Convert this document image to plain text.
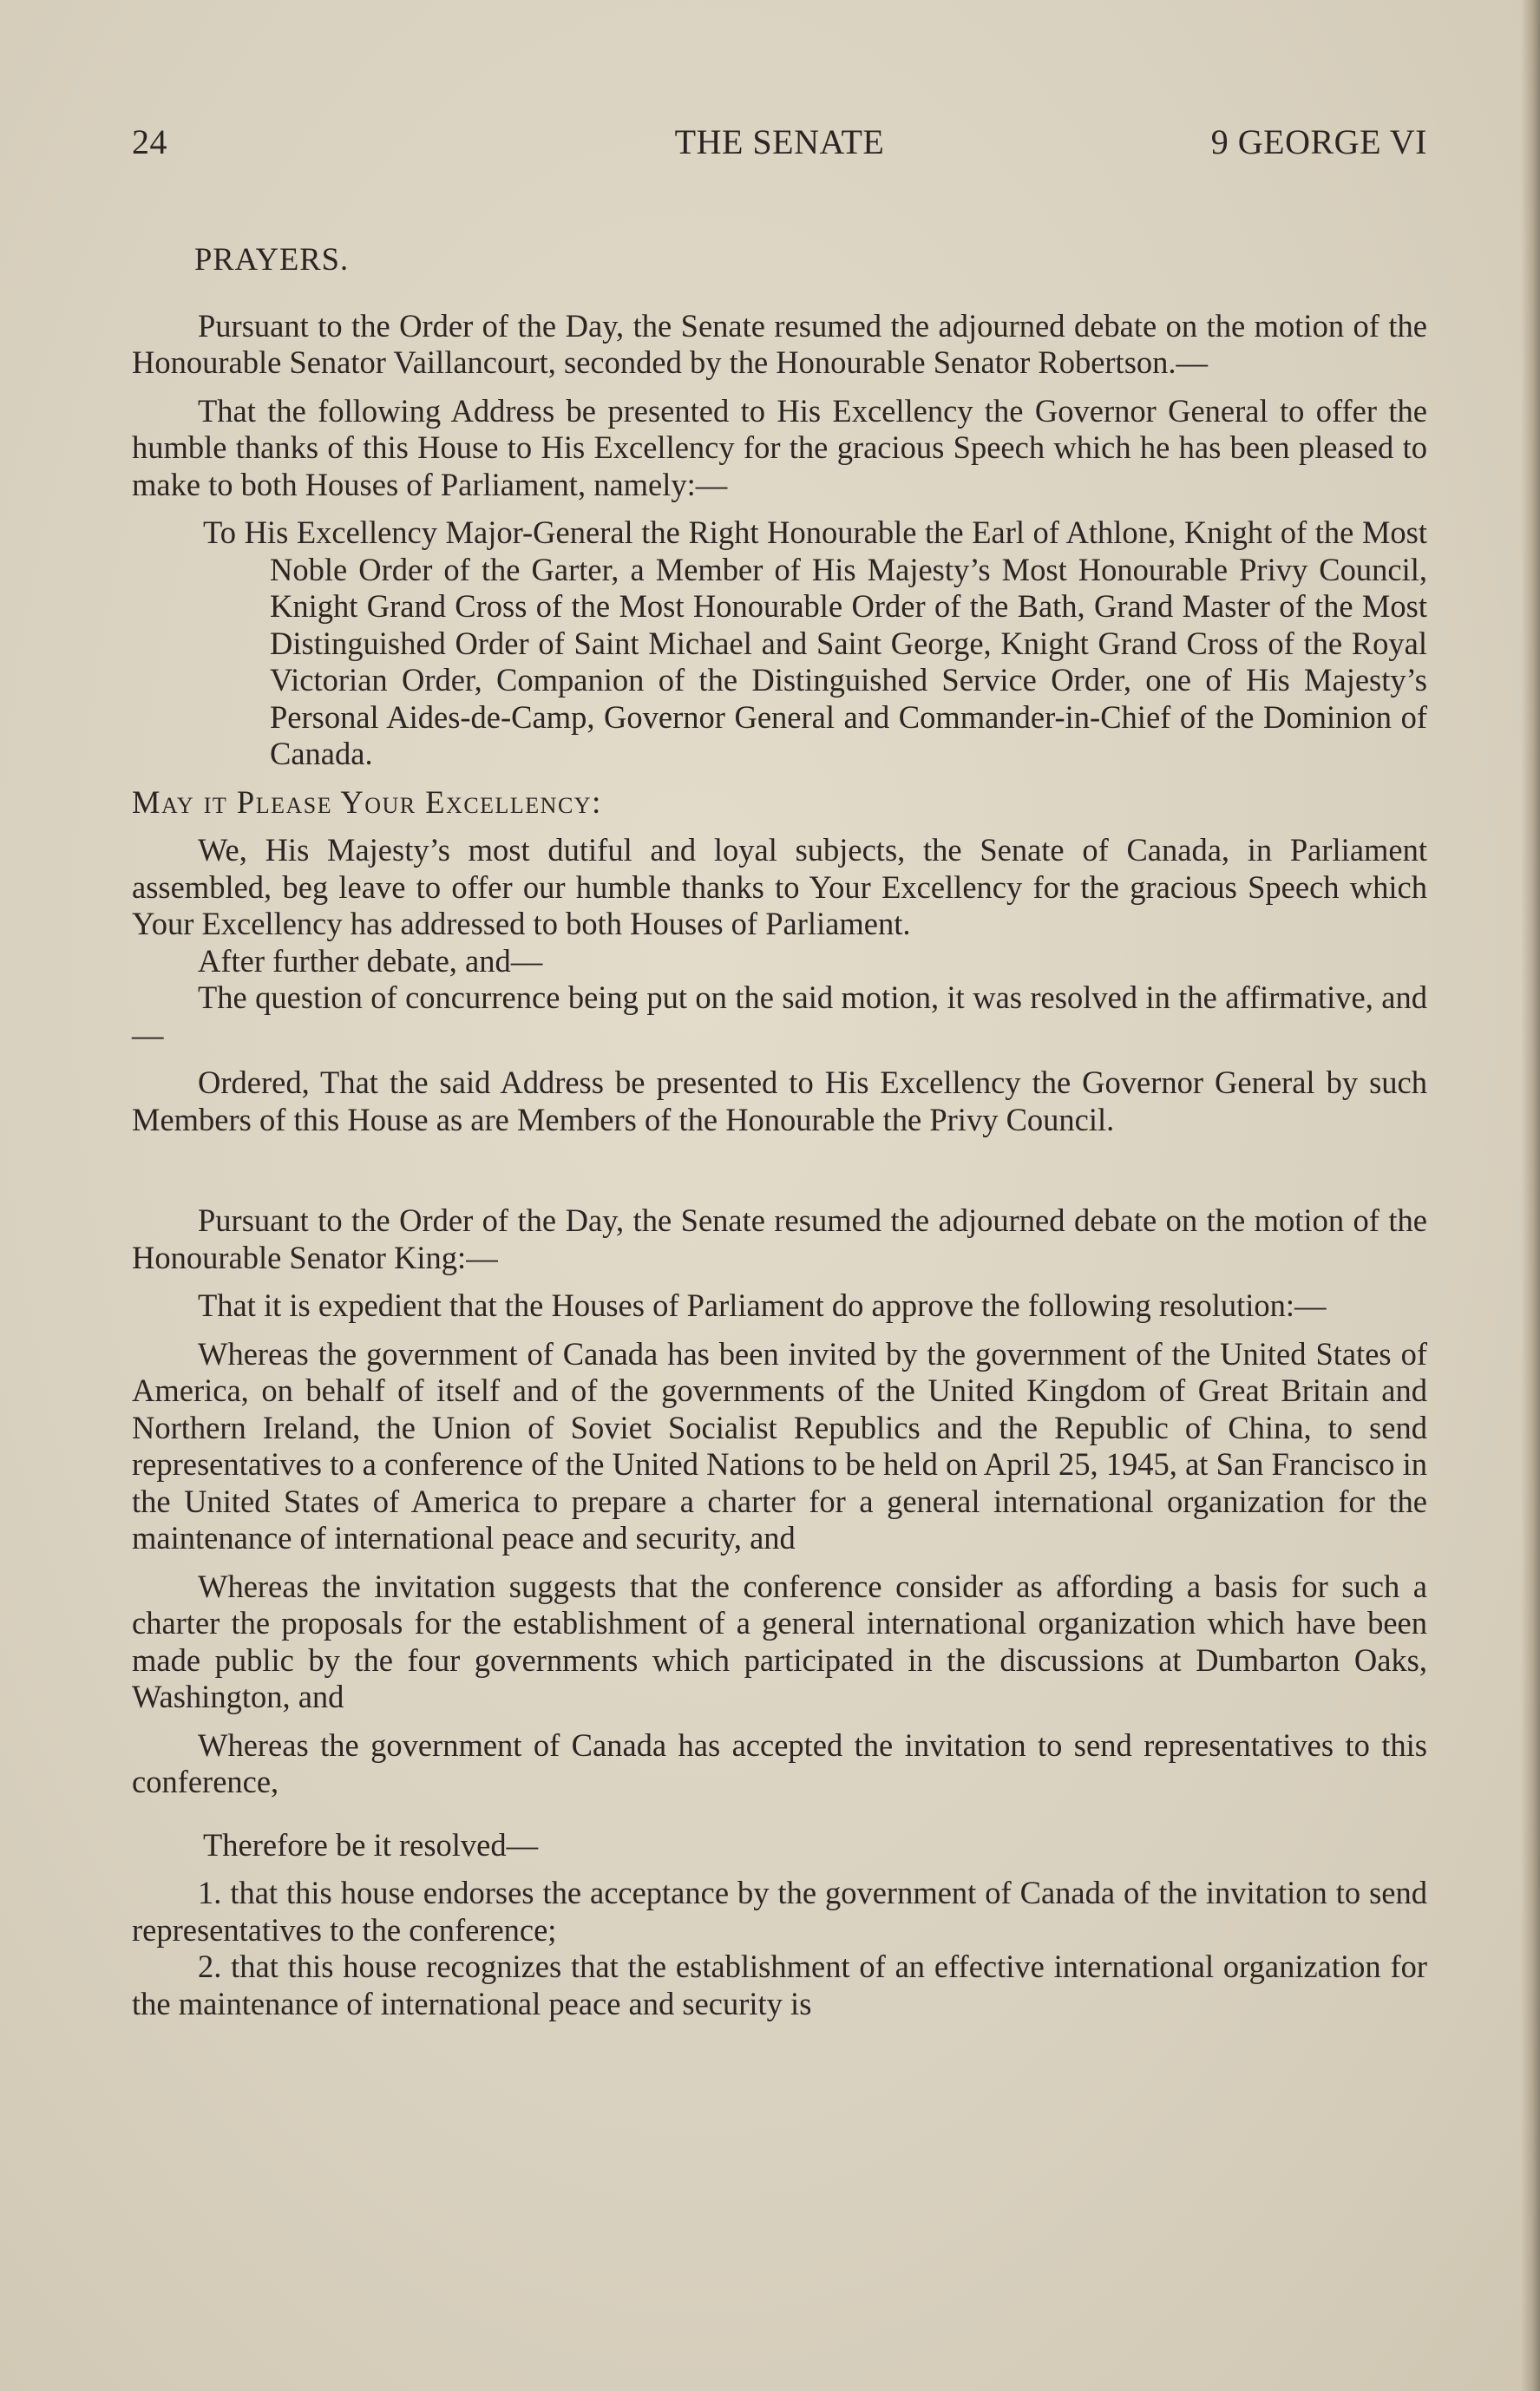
24	THE SENATE	9 GEORGE VI

PRAYERS.

Pursuant to the Order of the Day, the Senate resumed the adjourned debate on the motion of the Honourable Senator Vaillancourt, seconded by the Honourable Senator Robertson.—

That the following Address be presented to His Excellency the Governor General to offer the humble thanks of this House to His Excellency for the gracious Speech which he has been pleased to make to both Houses of Parliament, namely:—

To His Excellency Major-General the Right Honourable the Earl of Athlone, Knight of the Most Noble Order of the Garter, a Member of His Majesty’s Most Honourable Privy Council, Knight Grand Cross of the Most Honourable Order of the Bath, Grand Master of the Most Distinguished Order of Saint Michael and Saint George, Knight Grand Cross of the Royal Victorian Order, Companion of the Distinguished Service Order, one of His Majesty’s Personal Aides-de-Camp, Governor General and Commander-in-Chief of the Dominion of Canada.

May it Please Your Excellency:

We, His Majesty’s most dutiful and loyal subjects, the Senate of Canada, in Parliament assembled, beg leave to offer our humble thanks to Your Excellency for the gracious Speech which Your Excellency has addressed to both Houses of Parliament.

After further debate, and—

The question of concurrence being put on the said motion, it was resolved in the affirmative, and—

Ordered, That the said Address be presented to His Excellency the Governor General by such Members of this House as are Members of the Honourable the Privy Council.

Pursuant to the Order of the Day, the Senate resumed the adjourned debate on the motion of the Honourable Senator King:—

That it is expedient that the Houses of Parliament do approve the following resolution:—

Whereas the government of Canada has been invited by the government of the United States of America, on behalf of itself and of the governments of the United Kingdom of Great Britain and Northern Ireland, the Union of Soviet Socialist Republics and the Republic of China, to send representatives to a conference of the United Nations to be held on April 25, 1945, at San Francisco in the United States of America to prepare a charter for a general international organization for the maintenance of international peace and security, and

Whereas the invitation suggests that the conference consider as affording a basis for such a charter the proposals for the establishment of a general international organization which have been made public by the four governments which participated in the discussions at Dumbarton Oaks, Washington, and

Whereas the government of Canada has accepted the invitation to send representatives to this conference,

Therefore be it resolved—

1. that this house endorses the acceptance by the government of Canada of the invitation to send representatives to the conference;

2. that this house recognizes that the establishment of an effective international organization for the maintenance of international peace and security is
